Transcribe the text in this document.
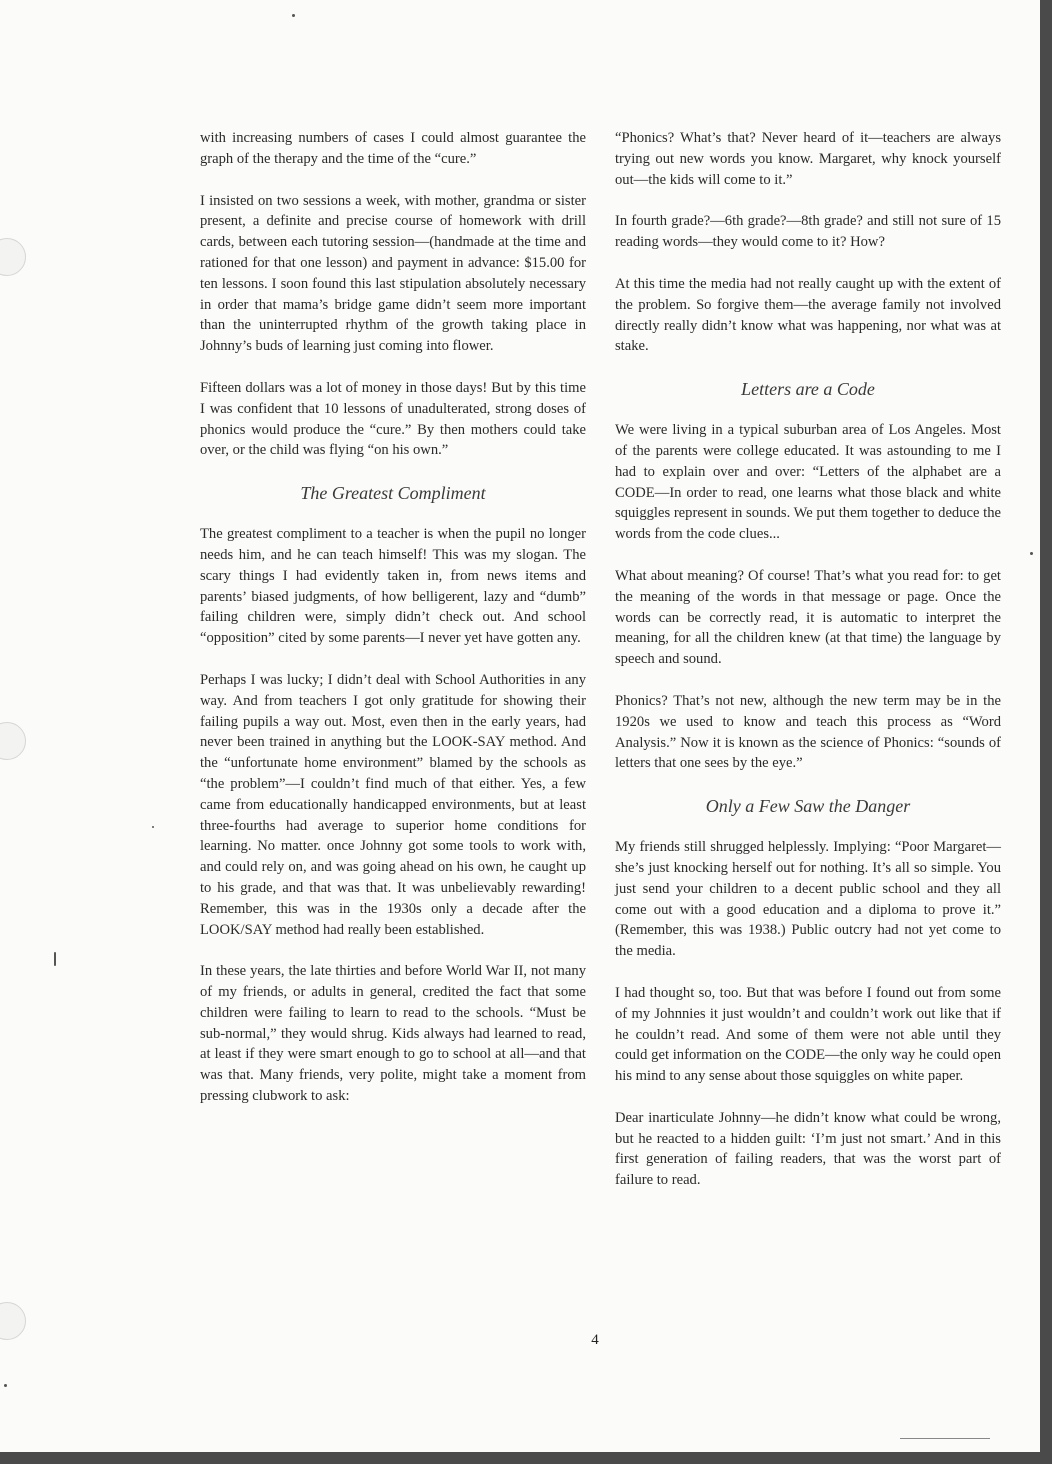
with increasing numbers of cases I could almost guarantee the graph of the therapy and the time of the “cure.”

I insisted on two sessions a week, with mother, grandma or sister present, a definite and precise course of homework with drill cards, between each tutoring session—(handmade at the time and rationed for that one lesson) and payment in advance: $15.00 for ten lessons. I soon found this last stipulation absolutely necessary in order that mama’s bridge game didn’t seem more important than the uninterrupted rhythm of the growth taking place in Johnny’s buds of learning just coming into flower.

Fifteen dollars was a lot of money in those days! But by this time I was confident that 10 lessons of unadulterated, strong doses of phonics would produce the “cure.” By then mothers could take over, or the child was flying “on his own.”

The Greatest Compliment

The greatest compliment to a teacher is when the pupil no longer needs him, and he can teach himself! This was my slogan. The scary things I had evidently taken in, from news items and parents’ biased judgments, of how belligerent, lazy and “dumb” failing children were, simply didn’t check out. And school “opposition” cited by some parents—I never yet have gotten any.

Perhaps I was lucky; I didn’t deal with School Authorities in any way. And from teachers I got only gratitude for showing their failing pupils a way out. Most, even then in the early years, had never been trained in anything but the LOOK-SAY method. And the “unfortunate home environment” blamed by the schools as “the problem”—I couldn’t find much of that either. Yes, a few came from educationally handicapped environments, but at least three-fourths had average to superior home conditions for learning. No matter. once Johnny got some tools to work with, and could rely on, and was going ahead on his own, he caught up to his grade, and that was that. It was unbelievably rewarding! Remember, this was in the 1930s only a decade after the LOOK/SAY method had really been established.

In these years, the late thirties and before World War II, not many of my friends, or adults in general, credited the fact that some children were failing to learn to read to the schools. “Must be sub-normal,” they would shrug. Kids always had learned to read, at least if they were smart enough to go to school at all—and that was that. Many friends, very polite, might take a moment from pressing clubwork to ask:

“Phonics? What’s that? Never heard of it—teachers are always trying out new words you know. Margaret, why knock yourself out—the kids will come to it.”

In fourth grade?—6th grade?—8th grade? and still not sure of 15 reading words—they would come to it? How?

At this time the media had not really caught up with the extent of the problem. So forgive them—the average family not involved directly really didn’t know what was happening, nor what was at stake.

Letters are a Code

We were living in a typical suburban area of Los Angeles. Most of the parents were college educated. It was astounding to me I had to explain over and over: “Letters of the alphabet are a CODE—In order to read, one learns what those black and white squiggles represent in sounds. We put them together to deduce the words from the code clues...

What about meaning? Of course! That’s what you read for: to get the meaning of the words in that message or page. Once the words can be correctly read, it is automatic to interpret the meaning, for all the children knew (at that time) the language by speech and sound.

Phonics? That’s not new, although the new term may be in the 1920s we used to know and teach this process as “Word Analysis.” Now it is known as the science of Phonics: “sounds of letters that one sees by the eye.”

Only a Few Saw the Danger

My friends still shrugged helplessly. Implying: “Poor Margaret—she’s just knocking herself out for nothing. It’s all so simple. You just send your children to a decent public school and they all come out with a good education and a diploma to prove it.” (Remember, this was 1938.) Public outcry had not yet come to the media.

I had thought so, too. But that was before I found out from some of my Johnnies it just wouldn’t and couldn’t work out like that if he couldn’t read. And some of them were not able until they could get information on the CODE—the only way he could open his mind to any sense about those squiggles on white paper.

Dear inarticulate Johnny—he didn’t know what could be wrong, but he reacted to a hidden guilt: ‘I’m just not smart.’ And in this first generation of failing readers, that was the worst part of failure to read.

4
